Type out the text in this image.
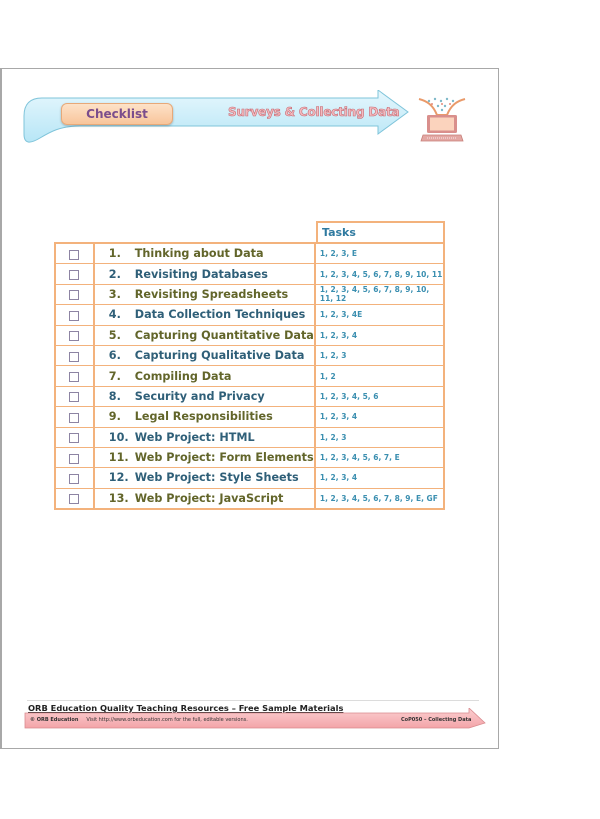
Checklist	Surveys & Collecting Data
Tasks
	1. Thinking about Data	1, 2, 3, E
	2. Revisiting Databases	1, 2, 3, 4, 5, 6, 7, 8, 9, 10, 11
	3. Revisiting Spreadsheets	1, 2, 3, 4, 5, 6, 7, 8, 9, 10, 11, 12
	4. Data Collection Techniques	1, 2, 3, 4E
	5. Capturing Quantitative Data	1, 2, 3, 4
	6. Capturing Qualitative Data	1, 2, 3
	7. Compiling Data	1, 2
	8. Security and Privacy	1, 2, 3, 4, 5, 6
	9. Legal Responsibilities	1, 2, 3, 4
	10. Web Project: HTML	1, 2, 3
	11. Web Project: Form Elements	1, 2, 3, 4, 5, 6, 7, E
	12. Web Project: Style Sheets	1, 2, 3, 4
	13. Web Project: JavaScript	1, 2, 3, 4, 5, 6, 7, 8, 9, E, GF
ORB Education Quality Teaching Resources – Free Sample Materials
© ORB Education Visit http://www.orbeducation.com for the full, editable versions.	CoP050 – Collecting Data
